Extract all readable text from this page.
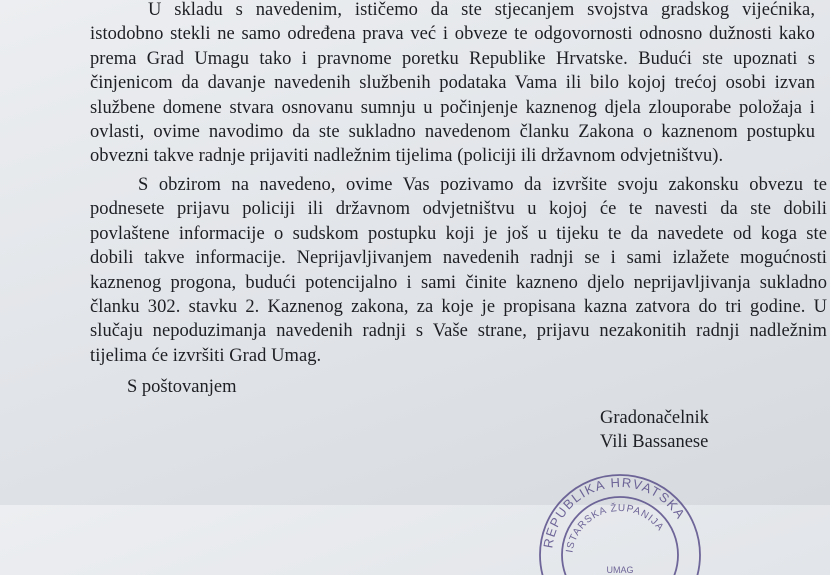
U skladu s navedenim, ističemo da ste stjecanjem svojstva gradskog vijećnika,
istodobno stekli ne samo određena prava već i obveze te odgovornosti odnosno dužnosti kako
prema Grad Umagu tako i pravnome poretku Republike Hrvatske. Budući ste upoznati s
činjenicom da davanje navedenih službenih podataka Vama ili bilo kojoj trećoj osobi izvan
službene domene stvara osnovanu sumnju u počinjenje kaznenog djela zlouporabe položaja i
ovlasti, ovime navodimo da ste sukladno navedenom članku Zakona o kaznenom postupku
obvezni takve radnje prijaviti nadležnim tijelima (policiji ili državnom odvjetništvu).
S obzirom na navedeno, ovime Vas pozivamo da izvršite svoju zakonsku obvezu te
podnesete prijavu policiji ili državnom odvjetništvu u kojoj će te navesti da ste dobili
povlaštene informacije o sudskom postupku koji je još u tijeku te da navedete od koga ste
dobili takve informacije. Neprijavljivanjem navedenih radnji se i sami izlažete mogućnosti
kaznenog progona, budući potencijalno i sami činite kazneno djelo neprijavljivanja sukladno
članku 302. stavku 2. Kaznenog zakona, za koje je propisana kazna zatvora do tri godine. U
slučaju nepoduzimanja navedenih radnji s Vaše strane, prijavu nezakonitih radnji nadležnim
tijelima će izvršiti Grad Umag.
S poštovanjem
Gradonačelnik
Vili Bassanese
REPUBLIKA HRVATSKA
ISTARSKA ŽUPANIJA
UMAG
